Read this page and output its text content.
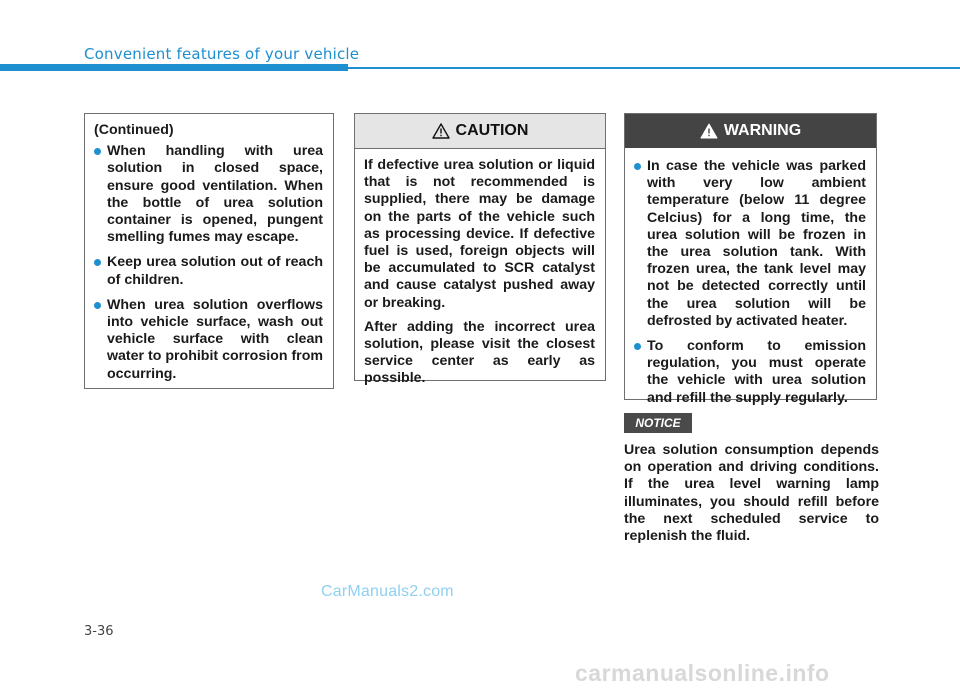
Convenient features of your vehicle
(Continued)
When handling with urea solution in closed space, ensure good ventilation. When the bottle of urea solution container is opened, pungent smelling fumes may escape.
Keep urea solution out of reach of children.
When urea solution overflows into vehicle surface, wash out vehicle surface with clean water to prohibit corrosion from occurring.
CAUTION

If defective urea solution or liquid that is not recommended is supplied, there may be damage on the parts of the vehicle such as processing device. If defective fuel is used, foreign objects will be accumulated to SCR catalyst and cause catalyst pushed away or breaking.

After adding the incorrect urea solution, please visit the closest service center as early as possible.

WARNING
In case the vehicle was parked with very low ambient temperature (below 11 degree Celcius) for a long time, the urea solution will be frozen in the urea solution tank. With frozen urea, the tank level may not be detected correctly until the urea solution will be defrosted by activated heater.
To conform to emission regulation, you must operate the vehicle with urea solution and refill the supply regularly.
NOTICE
Urea solution consumption depends on operation and driving conditions. If the urea level warning lamp illuminates, you should refill before the next scheduled service to replenish the fluid.
3-36
CarManuals2.com
carmanualsonline.info
